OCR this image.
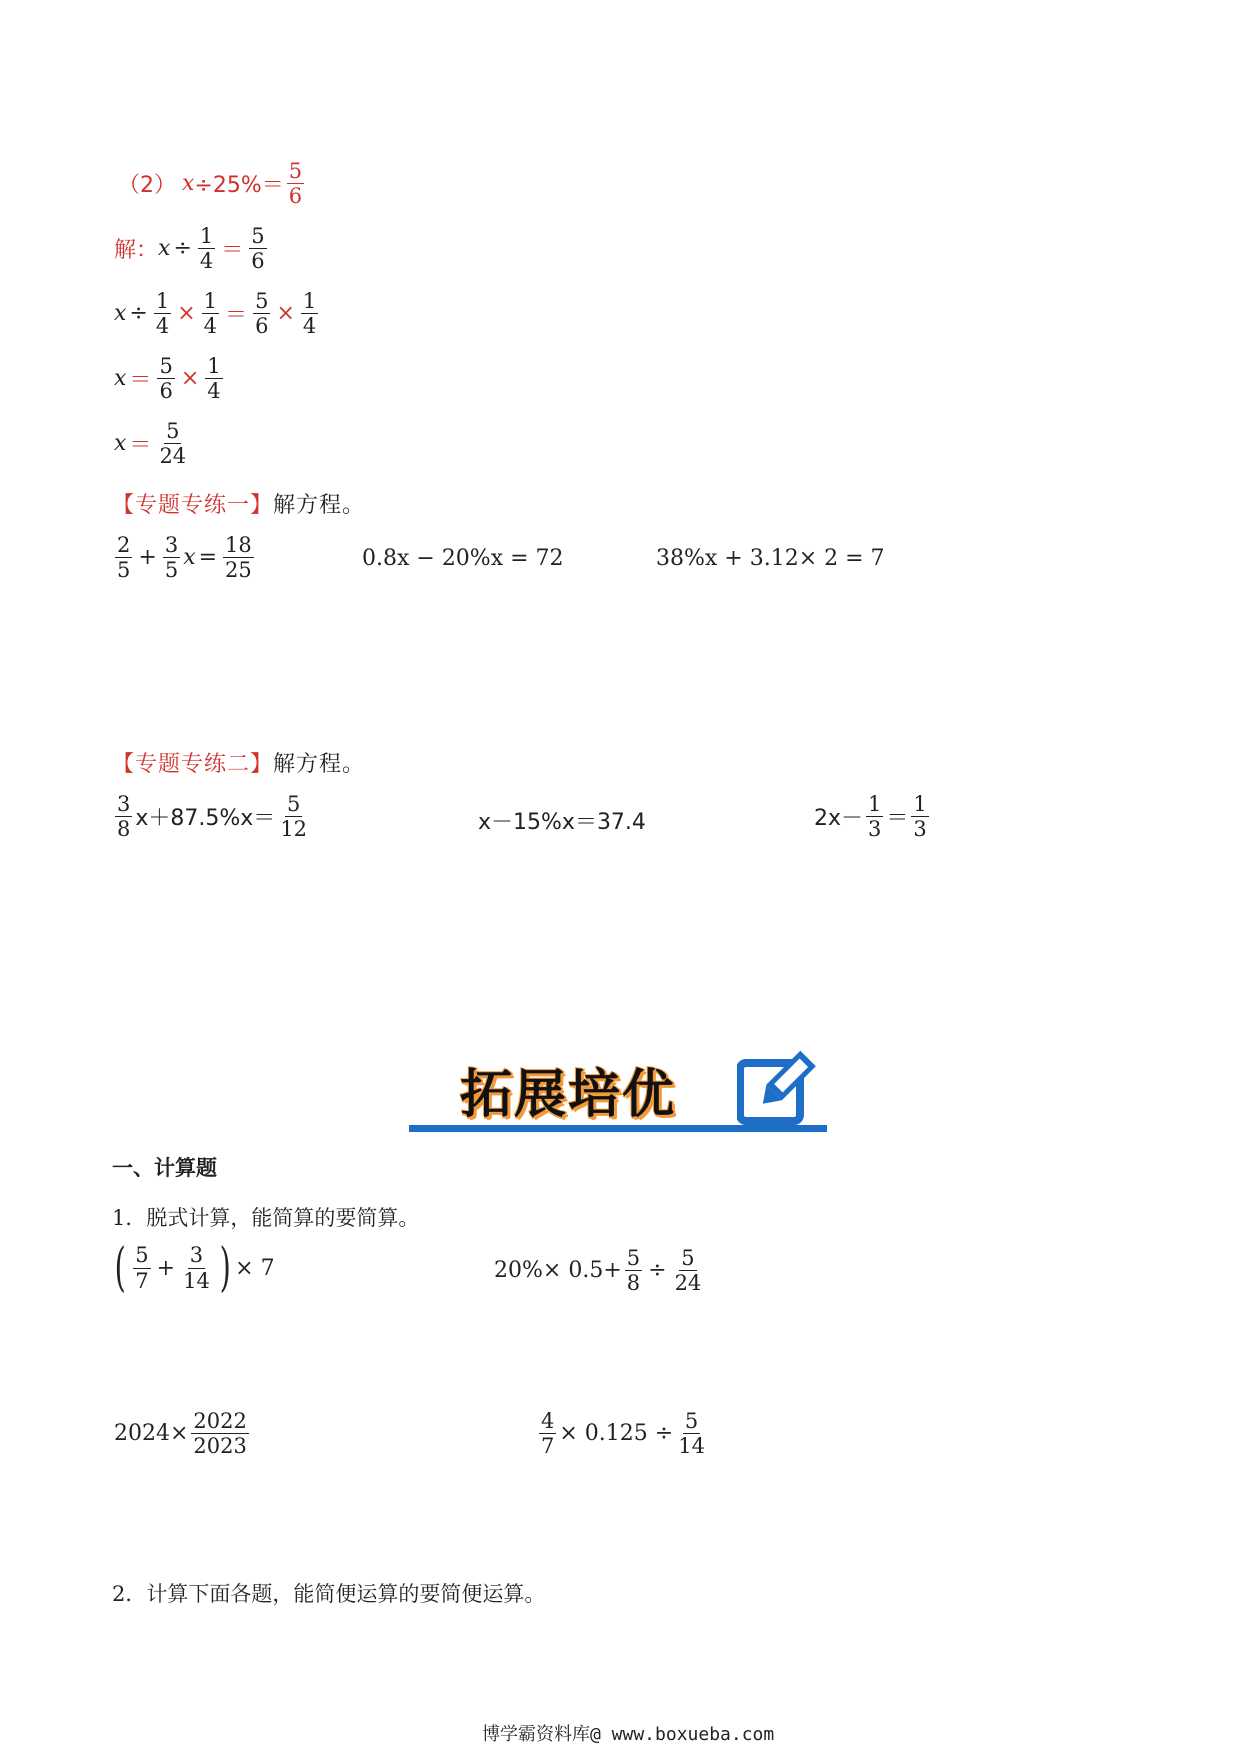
（2） $x \div 25\%= \frac{5}{6}$
解： $x \div \frac{1}{4} = \frac{5}{6}$
$x \div \frac{1}{4} \times \frac{1}{4} = \frac{5}{6} \times \frac{1}{4}$
$x = \frac{5}{6} \times \frac{1}{4}$
$x = \frac{5}{24}$
【专题专练一】解方程。
$\frac{2}{5} + \frac{3}{5}$ $x = \frac{18}{25}$	0.8x − 20%x = 72	38%x + 3.12× 2 = 7
【专题专练二】解方程。
$\frac{3}{8} x+87.5\%x= \frac{5}{12}$	x－15%x＝37.4	$2x- \frac{1}{3} = \frac{1}{3}$
拓展培优
一、计算题
1．脱式计算，能简算的要简算。
( $\frac{5}{7} + \frac{3}{14}$ ) × 7	$20\%\times 0.5+ \frac{5}{8} \div \frac{5}{24}$
$2024\times \frac{2022}{2023}$	$\frac{4}{7} \times 0.125 \div \frac{5}{14}$
2．计算下面各题，能简便运算的要简便运算。
博学霸资料库@ www.boxueba.com
